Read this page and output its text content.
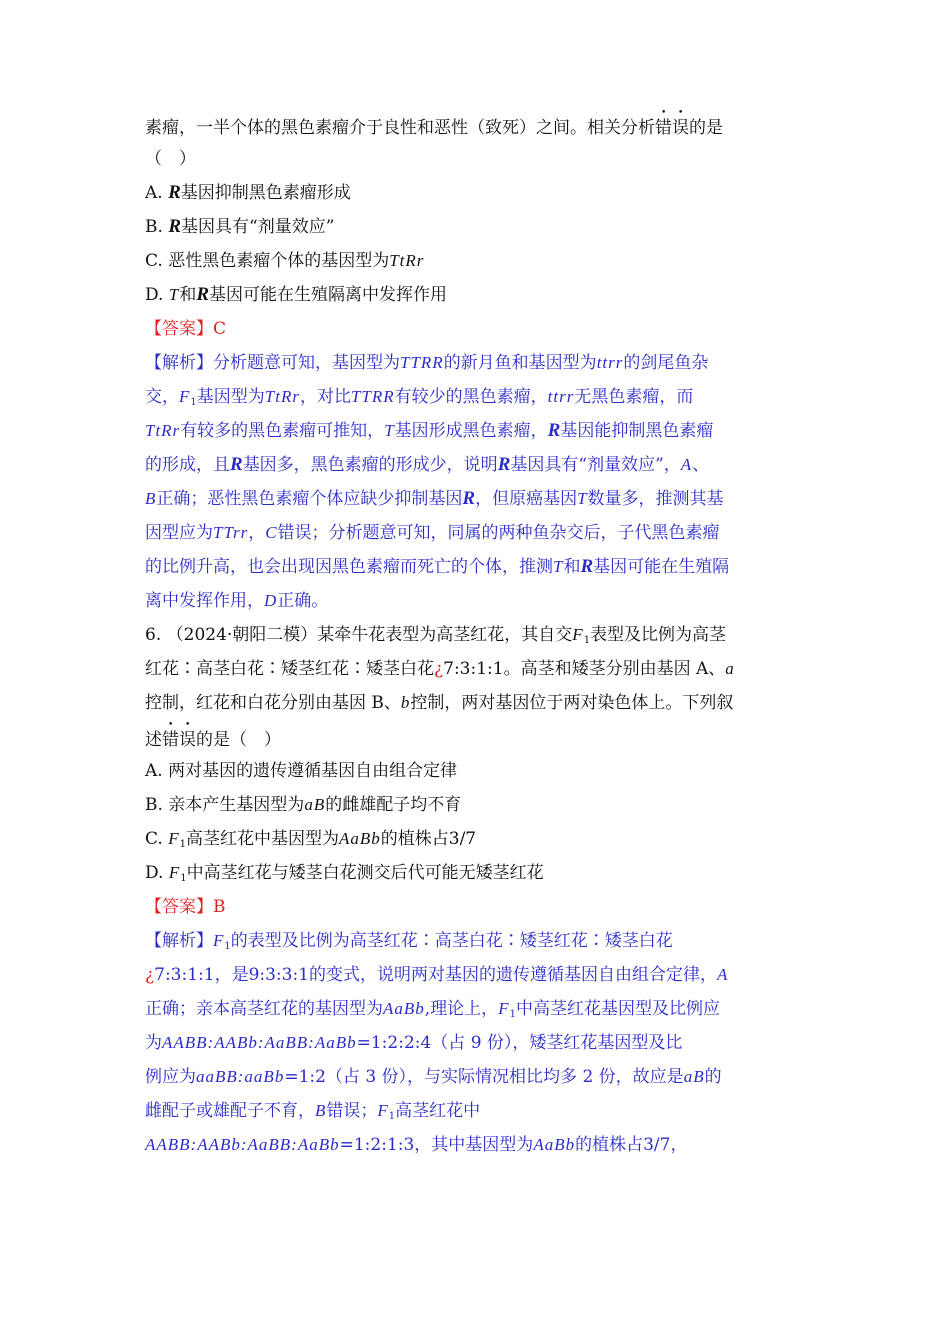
素瘤，一半个体的黑色素瘤介于良性和恶性（致死）之间。相关分析错误的是
（　）
A. R基因抑制黑色素瘤形成
B. R基因具有“剂量效应”
C. 恶性黑色素瘤个体的基因型为TtRr
D. T和R基因可能在生殖隔离中发挥作用
【答案】C
【解析】分析题意可知，基因型为TTRR的新月鱼和基因型为ttrr的剑尾鱼杂
交，$F_1$基因型为TtRr，对比TTRR有较少的黑色素瘤，ttrr无黑色素瘤，而
TtRr有较多的黑色素瘤可推知，T基因形成黑色素瘤，R基因能抑制黑色素瘤
的形成，且R基因多，黑色素瘤的形成少，说明R基因具有“剂量效应”，A、
B正确；恶性黑色素瘤个体应缺少抑制基因R，但原癌基因T数量多，推测其基
因型应为TTrr，C错误；分析题意可知，同属的两种鱼杂交后，子代黑色素瘤
的比例升高，也会出现因黑色素瘤而死亡的个体，推测T和R基因可能在生殖隔
离中发挥作用，D正确。
6. （2024·朝阳二模）某牵牛花表型为高茎红花，其自交$F_1$表型及比例为高茎
红花∶高茎白花∶矮茎红花∶矮茎白花¿7:3:1:1。高茎和矮茎分别由基因 A、a
控制，红花和白花分别由基因 B、b控制，两对基因位于两对染色体上。下列叙
述错误的是（　）
A. 两对基因的遗传遵循基因自由组合定律
B. 亲本产生基因型为aB的雌雄配子均不育
C. $F_1$高茎红花中基因型为AaBb的植株占3/7
D. $F_1$中高茎红花与矮茎白花测交后代可能无矮茎红花
【答案】B
【解析】$F_1$的表型及比例为高茎红花∶高茎白花∶矮茎红花∶矮茎白花
¿7:3:1:1，是9:3:3:1的变式，说明两对基因的遗传遵循基因自由组合定律，A
正确；亲本高茎红花的基因型为AaBb,理论上，$F_1$中高茎红花基因型及比例应
为AABB:AABb:AaBB:AaBb=1:2:2:4（占 9 份），矮茎红花基因型及比
例应为aaBB:aaBb=1:2（占 3 份），与实际情况相比均多 2 份，故应是aB的
雌配子或雄配子不育，B错误；$F_1$高茎红花中
AABB:AABb:AaBB:AaBb=1:2:1:3，其中基因型为AaBb的植株占3/7，
